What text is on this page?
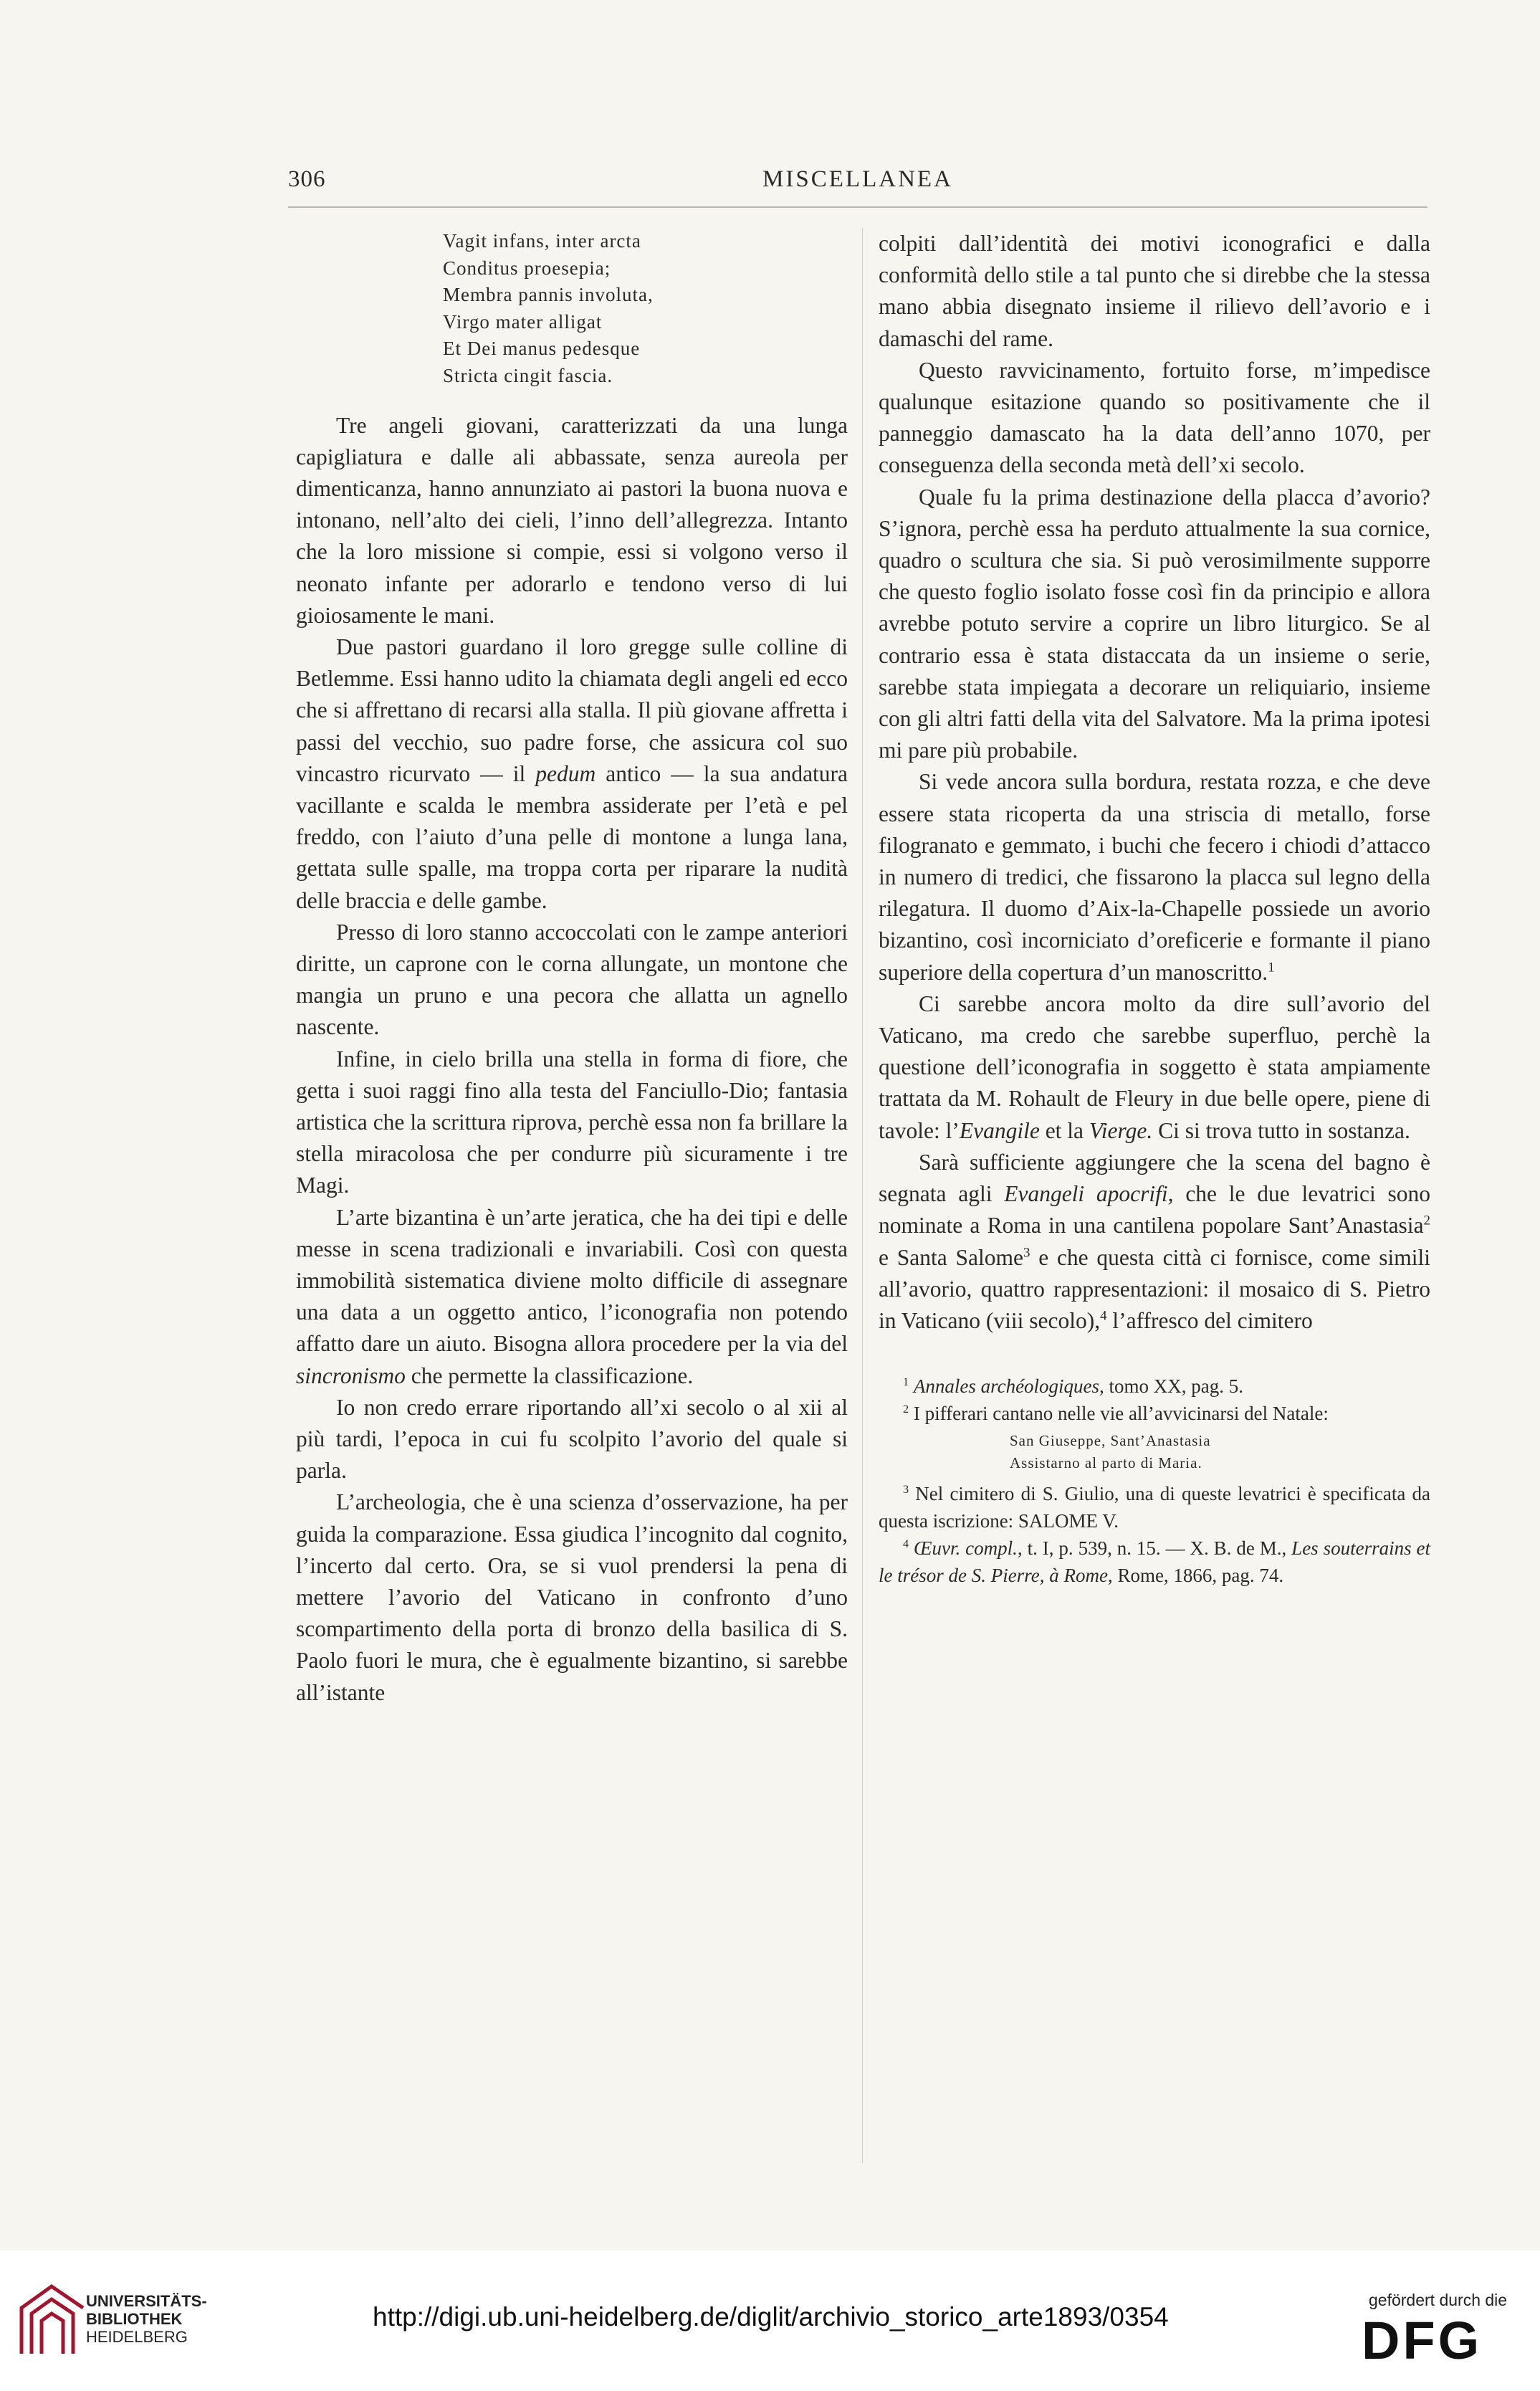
306	MISCELLANEA
Vagit infans, inter arcta
Conditus proesepia;
Membra pannis involuta,
Virgo mater alligat
Et Dei manus pedesque
Stricta cingit fascia.

Tre angeli giovani, caratterizzati da una lunga capigliatura e dalle ali abbassate, senza aureola per dimenticanza, hanno annunziato ai pastori la buona nuova e intonano, nell’alto dei cieli, l’inno dell’allegrezza. Intanto che la loro missione si compie, essi si volgono verso il neonato infante per adorarlo e tendono verso di lui gioiosamente le mani.

Due pastori guardano il loro gregge sulle colline di Betlemme. Essi hanno udito la chiamata degli angeli ed ecco che si affrettano di recarsi alla stalla. Il più giovane affretta i passi del vecchio, suo padre forse, che assicura col suo vincastro ricurvato — il pedum antico — la sua andatura vacillante e scalda le membra assiderate per l’età e pel freddo, con l’aiuto d’una pelle di montone a lunga lana, gettata sulle spalle, ma troppa corta per riparare la nudità delle braccia e delle gambe.

Presso di loro stanno accoccolati con le zampe anteriori diritte, un caprone con le corna allungate, un montone che mangia un pruno e una pecora che allatta un agnello nascente.

Infine, in cielo brilla una stella in forma di fiore, che getta i suoi raggi fino alla testa del Fanciullo-Dio; fantasia artistica che la scrittura riprova, perchè essa non fa brillare la stella miracolosa che per condurre più sicuramente i tre Magi.

L’arte bizantina è un’arte jeratica, che ha dei tipi e delle messe in scena tradizionali e invariabili. Così con questa immobilità sistematica diviene molto difficile di assegnare una data a un oggetto antico, l’iconografia non potendo affatto dare un aiuto. Bisogna allora procedere per la via del sincronismo che permette la classificazione.

Io non credo errare riportando all’xi secolo o al xii al più tardi, l’epoca in cui fu scolpito l’avorio del quale si parla.

L’archeologia, che è una scienza d’osservazione, ha per guida la comparazione. Essa giudica l’incognito dal cognito, l’incerto dal certo. Ora, se si vuol prendersi la pena di mettere l’avorio del Vaticano in confronto d’uno scompartimento della porta di bronzo della basilica di S. Paolo fuori le mura, che è egualmente bizantino, si sarebbe all’istante

colpiti dall’identità dei motivi iconografici e dalla conformità dello stile a tal punto che si direbbe che la stessa mano abbia disegnato insieme il rilievo dell’avorio e i damaschi del rame.

Questo ravvicinamento, fortuito forse, m’impedisce qualunque esitazione quando so positivamente che il panneggio damascato ha la data dell’anno 1070, per conseguenza della seconda metà dell’xi secolo.

Quale fu la prima destinazione della placca d’avorio? S’ignora, perchè essa ha perduto attualmente la sua cornice, quadro o scultura che sia. Si può verosimilmente supporre che questo foglio isolato fosse così fin da principio e allora avrebbe potuto servire a coprire un libro liturgico. Se al contrario essa è stata distaccata da un insieme o serie, sarebbe stata impiegata a decorare un reliquiario, insieme con gli altri fatti della vita del Salvatore. Ma la prima ipotesi mi pare più probabile.

Si vede ancora sulla bordura, restata rozza, e che deve essere stata ricoperta da una striscia di metallo, forse filogranato e gemmato, i buchi che fecero i chiodi d’attacco in numero di tredici, che fissarono la placca sul legno della rilegatura. Il duomo d’Aix-la-Chapelle possiede un avorio bizantino, così incorniciato d’oreficerie e formante il piano superiore della copertura d’un manoscritto.$^1$

Ci sarebbe ancora molto da dire sull’avorio del Vaticano, ma credo che sarebbe superfluo, perchè la questione dell’iconografia in soggetto è stata ampiamente trattata da M. Rohault de Fleury in due belle opere, piene di tavole: l’Evangile et la Vierge. Ci si trova tutto in sostanza.

Sarà sufficiente aggiungere che la scena del bagno è segnata agli Evangeli apocrifi, che le due levatrici sono nominate a Roma in una cantilena popolare Sant’Anastasia$^2$ e Santa Salome$^3$ e che questa città ci fornisce, come simili all’avorio, quattro rappresentazioni: il mosaico di S. Pietro in Vaticano (viii secolo),$^4$ l’affresco del cimitero

$^1$ Annales archéologiques, tomo XX, pag. 5.

$^2$ I pifferari cantano nelle vie all’avvicinarsi del Natale:

San Giuseppe, Sant’Anastasia
Assistarno al parto di Maria.

$^3$ Nel cimitero di S. Giulio, una di queste levatrici è specificata da questa iscrizione: SALOME V.

$^4$ Œuvr. compl., t. I, p. 539, n. 15. — X. B. de M., Les souterrains et le trésor de S. Pierre, à Rome, Rome, 1866, pag. 74.

UNIVERSITÄTS-
BIBLIOTHEK
HEIDELBERG
http://digi.ub.uni-heidelberg.de/diglit/archivio_storico_arte1893/0354
gefördert durch die
DFG
